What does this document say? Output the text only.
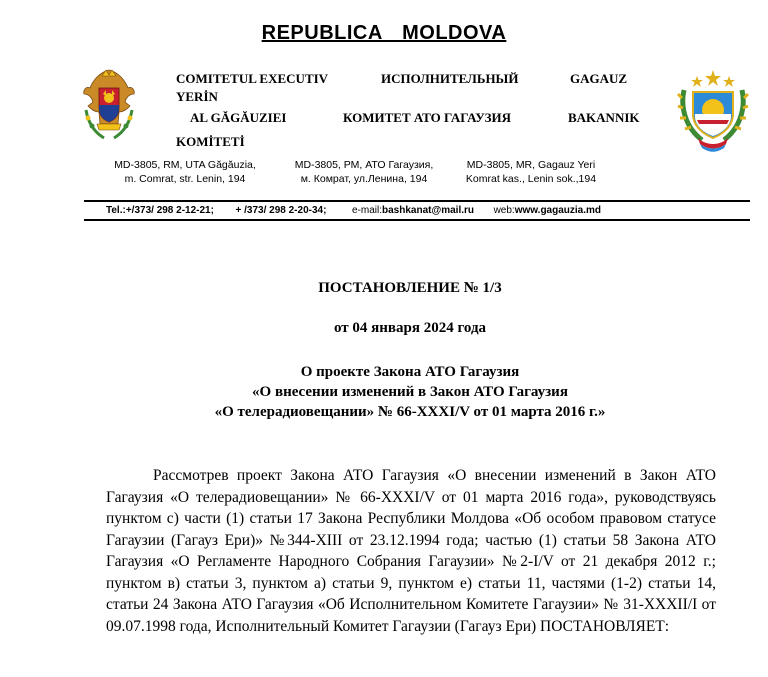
REPUBLICA MOLDOVA
COMITETUL EXECUTIV	ИСПОЛНИТЕЛЬНЫЙ	GAGAUZ
YERİN
AL GĂGĂUZIEI	КОМИТЕТ АТО ГАГАУЗИЯ	BAKANNIK
KOMİTETİ
MD-3805, RM, UTA Găgăuzia,
m. Comrat, str. Lenin, 194
MD-3805, РМ, АТО Гагаузия,
м. Комрат, ул.Ленина, 194
MD-3805, MR, Gagauz Yeri
Komrat kas., Lenin sok.,194
Tel.:+/373/ 298 2-12-21; + /373/ 298 2-20-34;	e-mail:bashkanat@mail.ru web:www.gagauzia.md
ПОСТАНОВЛЕНИЕ № 1/3
от 04 января 2024 года
О проекте Закона АТО Гагаузия
«О внесении изменений в Закон АТО Гагаузия
«О телерадиовещании» № 66-XXXI/V от 01 марта 2016 г.»

Рассмотрев проект Закона АТО Гагаузия «О внесении изменений в Закон АТО Гагаузия «О телерадиовещании» № 66-XXXI/V от 01 марта 2016 года», руководствуясь пунктом с) части (1) статьи 17 Закона Республики Молдова «Об особом правовом статусе Гагаузии (Гагауз Ери)» №344-XIII от 23.12.1994 года; частью (1) статьи 58 Закона АТО Гагаузия «О Регламенте Народного Собрания Гагаузии» №2-I/V от 21 декабря 2012 г.; пунктом в) статьи 3, пунктом а) статьи 9, пунктом е) статьи 11, частями (1-2) статьи 14, статьи 24 Закона АТО Гагаузия «Об Исполнительном Комитете Гагаузии» № 31-XXXII/I от 09.07.1998 года, Исполнительный Комитет Гагаузии (Гагауз Ери) ПОСТАНОВЛЯЕТ:
